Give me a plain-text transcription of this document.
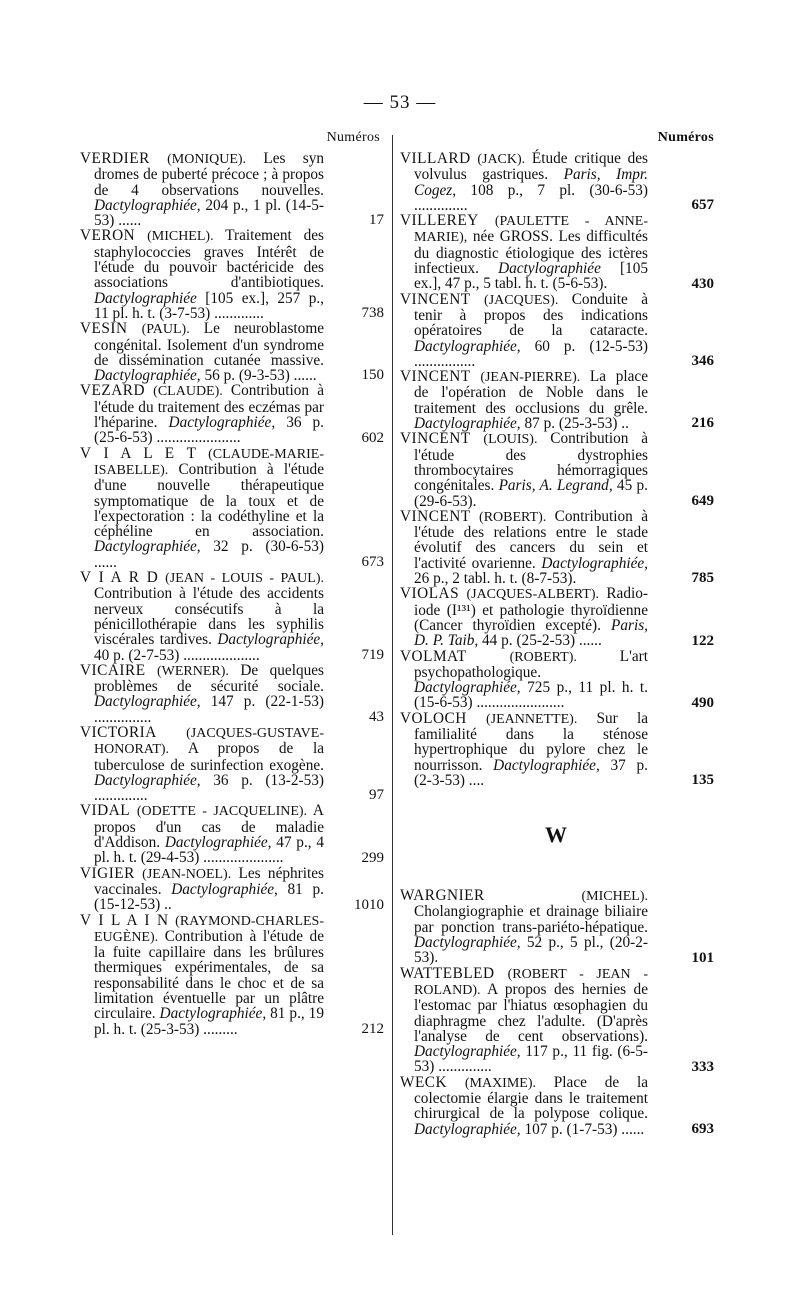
— 53 —
Numéros
VERDIER (MONIQUE). Les syn dromes de puberté précoce ; à propos de 4 observations nouvelles. Dactylographiée, 204 p., 1 pl. (14-5-53) ......	17
VERON (MICHEL). Traitement des staphylococcies graves Intérêt de l'étude du pouvoir bactéricide des associations d'antibiotiques. Dactylographiée [105 ex.], 257 p., 11 pl. h. t. (3-7-53) .............	738
VESIN (PAUL). Le neuroblastome congénital. Isolement d'un syndrome de dissémination cutanée massive. Dactylographiée, 56 p. (9-3-53) ......	150
VEZARD (CLAUDE). Contribution à l'étude du traitement des eczémas par l'héparine. Dactylographiée, 36 p. (25-6-53) ......................	602
V I A L E T (CLAUDE-MARIE-ISABELLE). Contribution à l'étude d'une nouvelle thérapeutique symptomatique de la toux et de l'expectoration : la codéthyline et la céphéline en association. Dactylographiée, 32 p. (30-6-53) ......	673
V I A R D (JEAN - LOUIS - PAUL). Contribution à l'étude des accidents nerveux consécutifs à la pénicillothérapie dans les syphilis viscérales tardives. Dactylographiée, 40 p. (2-7-53) ....................	719
VICAIRE (WERNER). De quelques problèmes de sécurité sociale. Dactylographiée, 147 p. (22-1-53) ...............	43
VICTORIA (JACQUES-GUSTAVE-HONORAT). A propos de la tuberculose de surinfection exogène. Dactylographiée, 36 p. (13-2-53) ..............	97
VIDAL (ODETTE - JACQUELINE). A propos d'un cas de maladie d'Addison. Dactylographiée, 47 p., 4 pl. h. t. (29-4-53) .....................	299
VIGIER (JEAN-NOEL). Les néphrites vaccinales. Dactylographiée, 81 p. (15-12-53) ..	1010
V I L A I N (RAYMOND-CHARLES-EUGÈNE). Contribution à l'étude de la fuite capillaire dans les brûlures thermiques expérimentales, de sa responsabilité dans le choc et de sa limitation éventuelle par un plâtre circulaire. Dactylographiée, 81 p., 19 pl. h. t. (25-3-53) .........	212
Numéros
VILLARD (JACK). Étude critique des volvulus gastriques. Paris, Impr. Cogez, 108 p., 7 pl. (30-6-53) ..............	657
VILLEREY (PAULETTE - ANNE-MARIE), née GROSS. Les difficultés du diagnostic étiologique des ictères infectieux. Dactylographiée [105 ex.], 47 p., 5 tabl. h. t. (5-6-53).	430
VINCENT (JACQUES). Conduite à tenir à propos des indications opératoires de la cataracte. Dactylographiée, 60 p. (12-5-53) ................	346
VINCENT (JEAN-PIERRE). La place de l'opération de Noble dans le traitement des occlusions du grêle. Dactylographiée, 87 p. (25-3-53) ..	216
VINCENT (LOUIS). Contribution à l'étude des dystrophies thrombocytaires hémorragiques congénitales. Paris, A. Legrand, 45 p. (29-6-53).	649
VINCENT (ROBERT). Contribution à l'étude des relations entre le stade évolutif des cancers du sein et l'activité ovarienne. Dactylographiée, 26 p., 2 tabl. h. t. (8-7-53).	785
VIOLAS (JACQUES-ALBERT). Radio-iode (I¹³¹) et pathologie thyroïdienne (Cancer thyroïdien excepté). Paris, D. P. Taib, 44 p. (25-2-53) ......	122
VOLMAT	(ROBERT). L'art psychopathologique. Dactylographiée, 725 p., 11 pl. h. t. (15-6-53) .......................	490
VOLOCH (JEANNETTE). Sur la familialité dans la sténose hypertrophique du pylore chez le nourrisson. Dactylographiée, 37 p. (2-3-53) ....	135
W
WARGNIER	(MICHEL). Cholangiographie et drainage biliaire par ponction trans-pariéto-hépatique. Dactylographiée, 52 p., 5 pl., (20-2-53).	101
WATTEBLED (ROBERT - JEAN - ROLAND). A propos des hernies de l'estomac par l'hiatus œsophagien du diaphragme chez l'adulte. (D'après l'analyse de cent observations). Dactylographiée, 117 p., 11 fig. (6-5-53) ..............	333
WECK (MAXIME). Place de la colectomie élargie dans le traitement chirurgical de la polypose colique. Dactylographiée, 107 p. (1-7-53) ......	693
